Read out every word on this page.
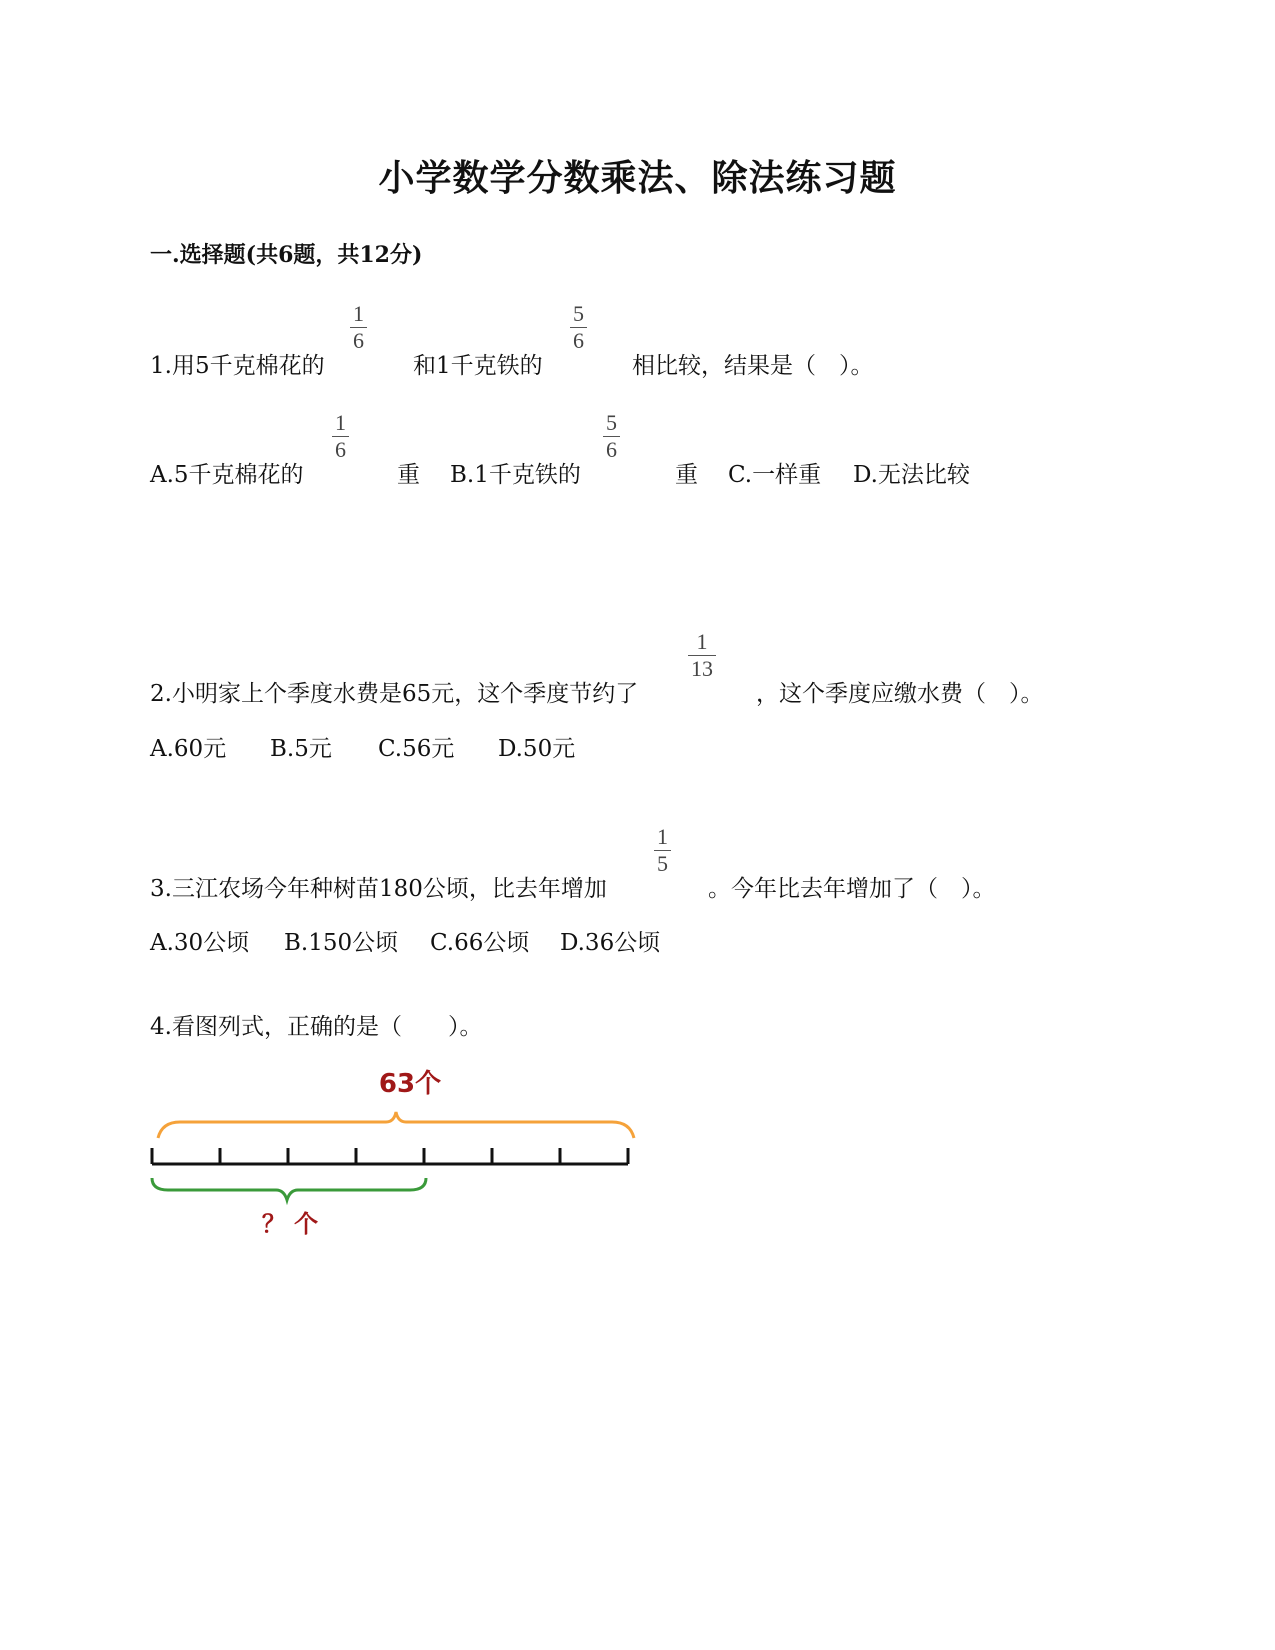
小学数学分数乘法、除法练习题
一.选择题(共6题，共12分)
1.用5千克棉花的
1
6
和1千克铁的
5
6
相比较，结果是（　）。
A.5千克棉花的
1
6
重 B.1千克铁的
5
6
重 C.一样重 D.无法比较
2.小明家上个季度水费是65元，这个季度节约了
1
13
，这个季度应缴水费（　）。
A.60元 B.5元 C.56元 D.50元
3.三江农场今年种树苗180公顷，比去年增加
1
5
。今年比去年增加了（　）。
A.30公顷 B.150公顷 C.66公顷 D.36公顷
4.看图列式，正确的是（　　）。
63个
？ 个
